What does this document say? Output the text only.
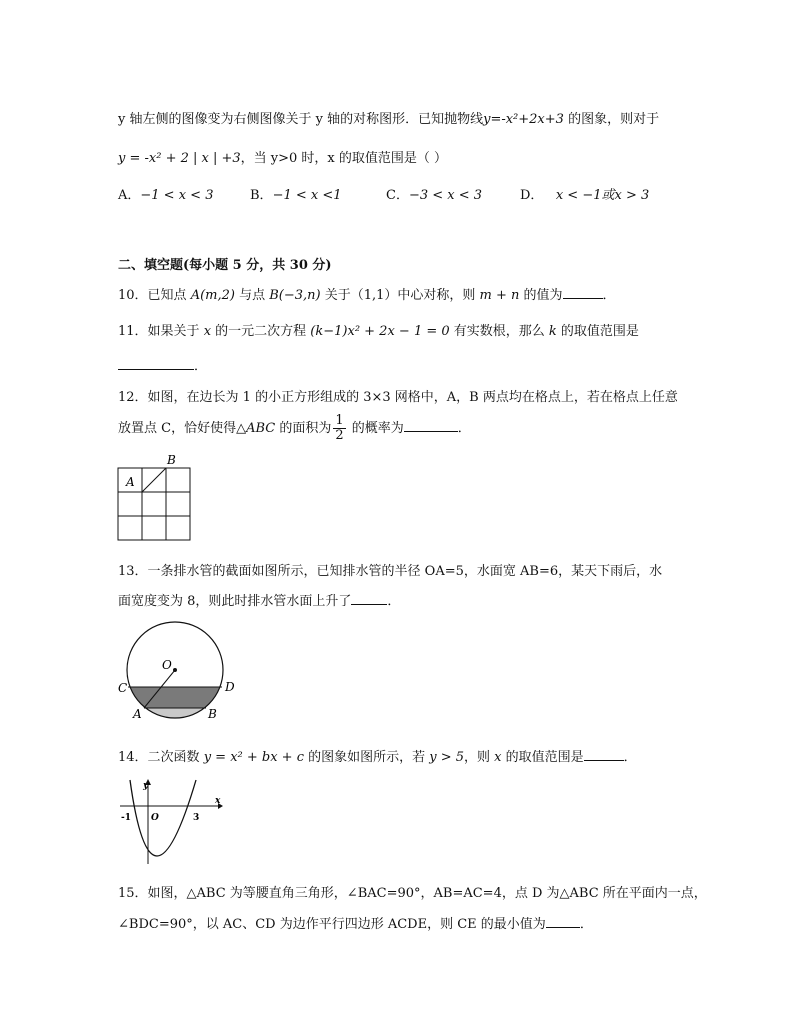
y 轴左侧的图像变为右侧图像关于 y 轴的对称图形．已知抛物线y=-x²+2x+3 的图象，则对于
y = -x² + 2 | x | +3，当 y>0 时，x 的取值范围是（ ）
A．−1 < x < 3	B．−1 < x <1	C．−3 < x < 3	D． x < −1或x > 3
二、填空题(每小题 5 分，共 30 分)
10．已知点 A(m,2) 与点 B(−3,n) 关于（1,1）中心对称，则 m + n 的值为	．
11．如果关于 x 的一元二次方程 (k−1)x² + 2x − 1 = 0 有实数根，那么 k 的取值范围是
．
12．如图，在边长为 1 的小正方形组成的 3×3 网格中，A，B 两点均在格点上，若在格点上任意
放置点 C，恰好使得△ABC 的面积为 $\frac{1}{2}$ 的概率为	．
A
B
13．一条排水管的截面如图所示，已知排水管的半径 OA=5，水面宽 AB=6，某天下雨后，水
面宽度变为 8，则此时排水管水面上升了	．
O
C	D
A	B
14．二次函数 y = x² + bx + c 的图象如图所示，若 y > 5，则 x 的取值范围是	．
y
x
-1 O	3
15．如图，△ABC 为等腰直角三角形，∠BAC=90°，AB=AC=4，点 D 为△ABC 所在平面内一点，
∠BDC=90°，以 AC、CD 为边作平行四边形 ACDE，则 CE 的最小值为	．
